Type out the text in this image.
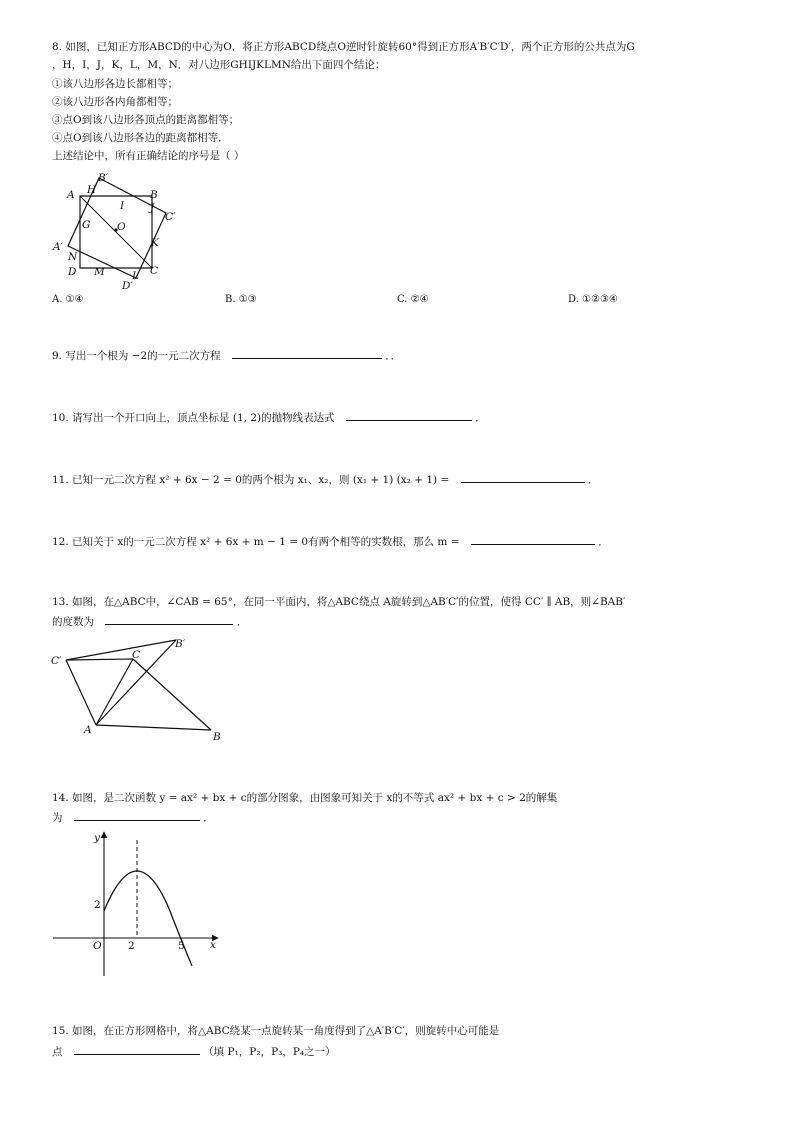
8. 如图，已知正方形ABCD的中心为O．将正方形ABCD绕点O逆时针旋转60°得到正方形A′B′C′D′，两个正方形的公共点为G
，H，I，J，K，L，M，N．对八边形GHIJKLMN给出下面四个结论：
①该八边形各边长都相等；
②该八边形各内角都相等；
③点O到该八边形各顶点的距离都相等；
④点O到该八边形各边的距离都相等．
上述结论中，所有正确结论的序号是（ ）
A H
B′
B
J
C′
I
G	O
A′	K
N
D M	L C
D′
A. ①④	B. ①③	C. ②④	D. ①②③④
9. 写出一个根为 −2的一元二次方程	．．
10. 请写出一个开口向上，顶点坐标是 (1, 2)的抛物线表达式	．
11. 已知一元二次方程 x² + 6x − 2 = 0的两个根为 x₁、x₂，则 (x₁ + 1) (x₂ + 1) =	．
12. 已知关于 x的一元二次方程 x² + 6x + m − 1 = 0有两个相等的实数根，那么 m =	．
13. 如图，在△ABC中，∠CAB = 65°，在同一平面内，将△ABC绕点 A旋转到△AB′C′的位置，使得 CC′ ∥ AB，则∠BAB′
的度数为	．
C′	C
B′
A
B
14. 如图，是二次函数 y = ax² + bx + c的部分图象，由图象可知关于 x的不等式 ax² + bx + c > 2的解集
为	．
y
x
O	2	5
2
15. 如图，在正方形网格中，将△ABC绕某一点旋转某一角度得到了△A′B′C′，则旋转中心可能是
点	（填 P₁，P₂，P₃，P₄之一）
